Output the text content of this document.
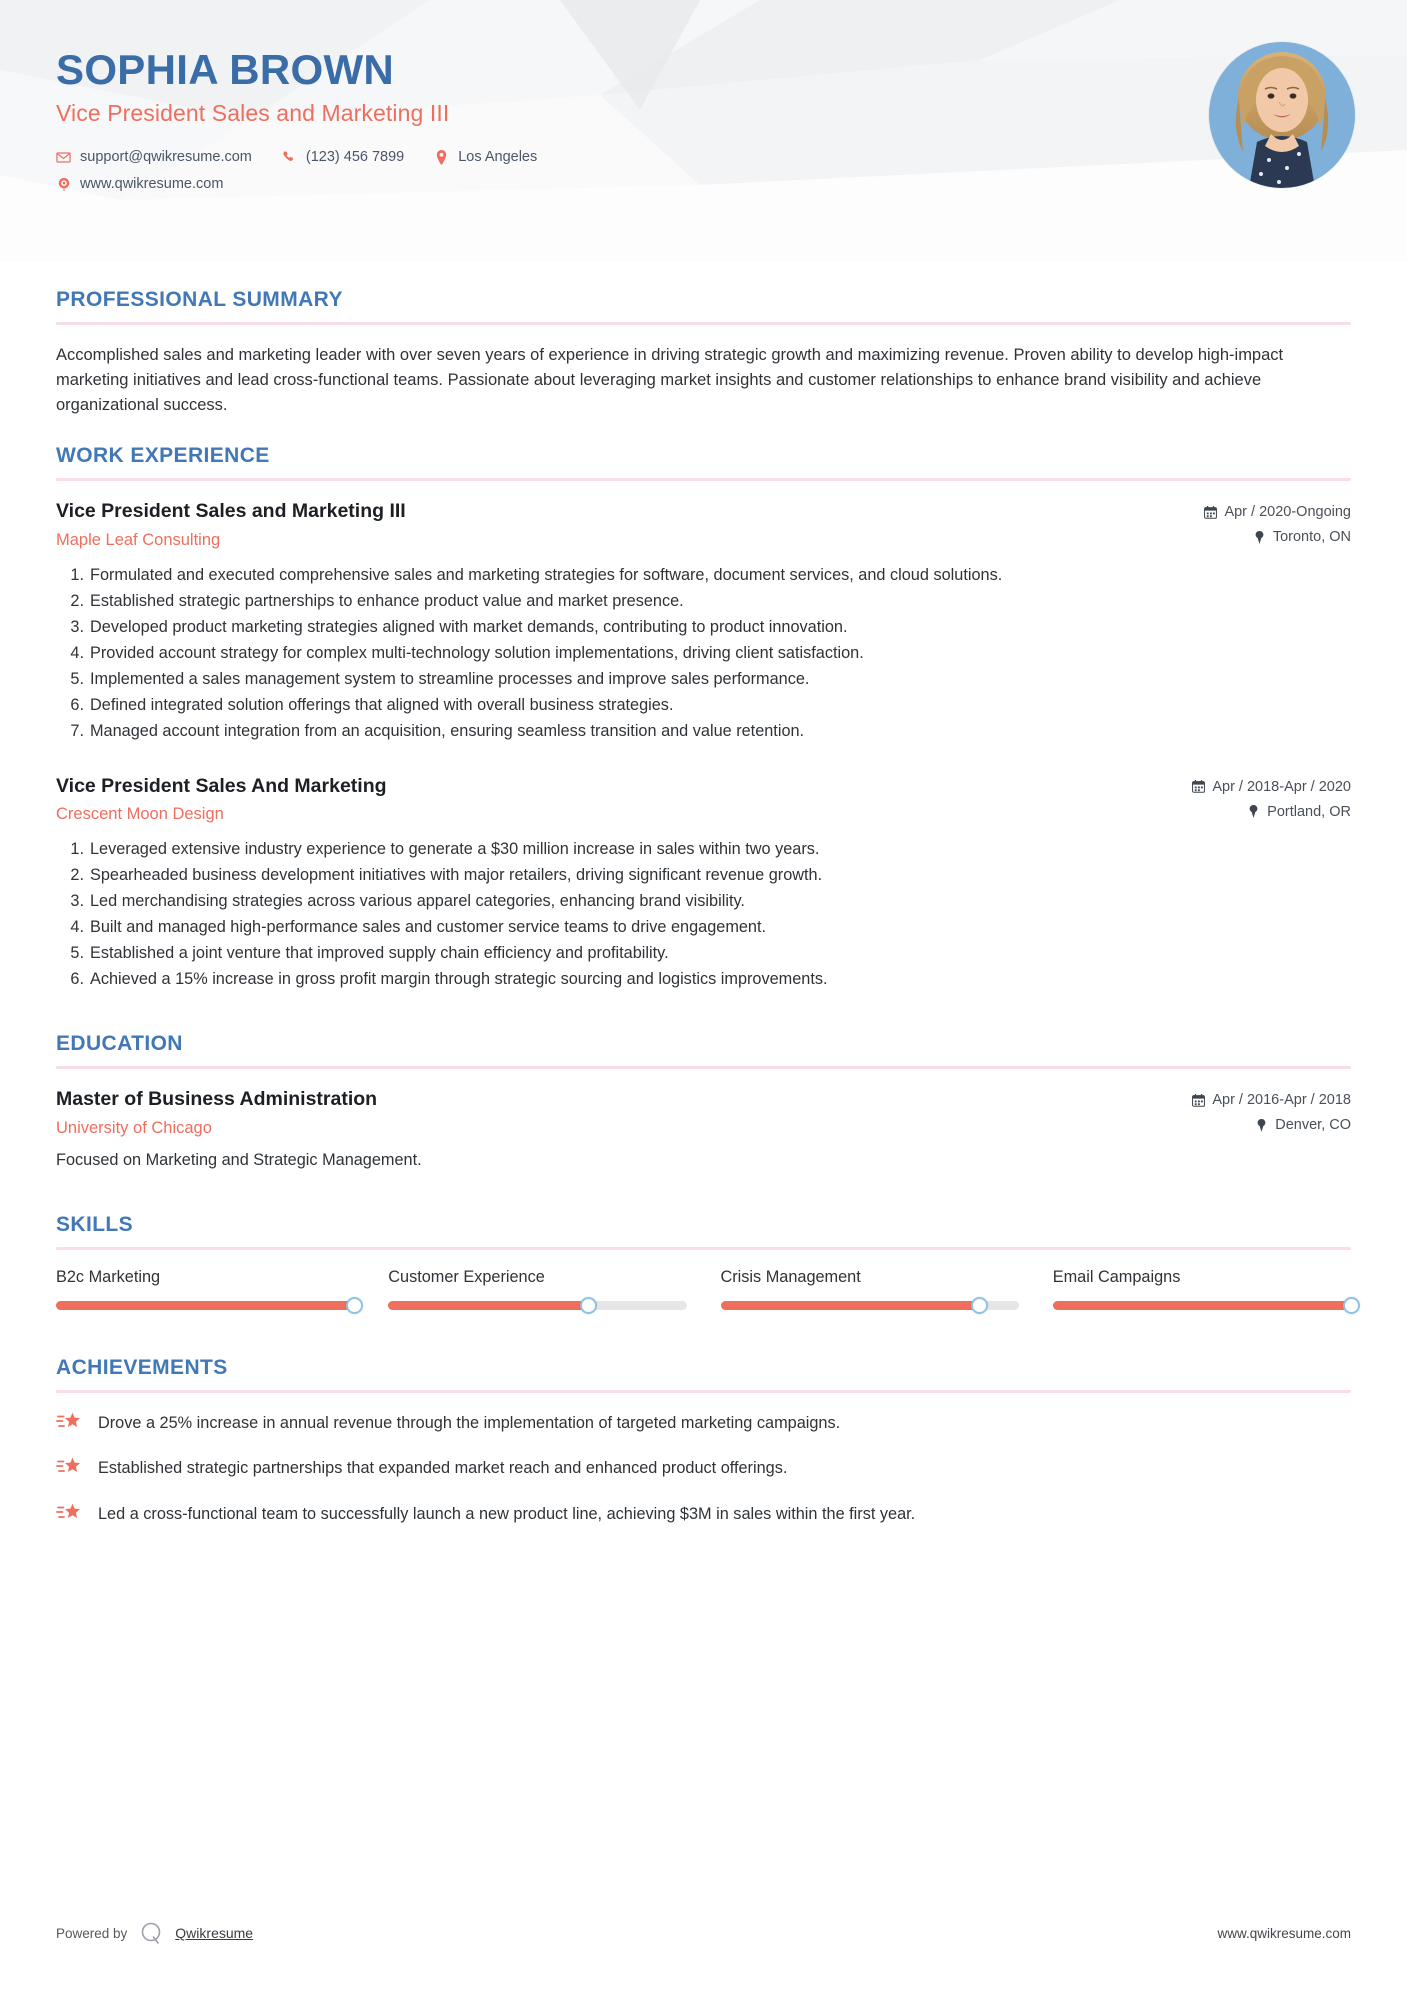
SOPHIA BROWN
Vice President Sales and Marketing III
support@qwikresume.com	(123) 456 7899	Los Angeles
www.qwikresume.com
PROFESSIONAL SUMMARY
Accomplished sales and marketing leader with over seven years of experience in driving strategic growth and maximizing revenue. Proven ability to develop high-impact marketing initiatives and lead cross-functional teams. Passionate about leveraging market insights and customer relationships to enhance brand visibility and achieve organizational success.
WORK EXPERIENCE
Vice President Sales and Marketing III
Maple Leaf Consulting
Apr / 2020-Ongoing
Toronto, ON
Formulated and executed comprehensive sales and marketing strategies for software, document services, and cloud solutions.
Established strategic partnerships to enhance product value and market presence.
Developed product marketing strategies aligned with market demands, contributing to product innovation.
Provided account strategy for complex multi-technology solution implementations, driving client satisfaction.
Implemented a sales management system to streamline processes and improve sales performance.
Defined integrated solution offerings that aligned with overall business strategies.
Managed account integration from an acquisition, ensuring seamless transition and value retention.
Vice President Sales And Marketing
Crescent Moon Design
Apr / 2018-Apr / 2020
Portland, OR
Leveraged extensive industry experience to generate a $30 million increase in sales within two years.
Spearheaded business development initiatives with major retailers, driving significant revenue growth.
Led merchandising strategies across various apparel categories, enhancing brand visibility.
Built and managed high-performance sales and customer service teams to drive engagement.
Established a joint venture that improved supply chain efficiency and profitability.
Achieved a 15% increase in gross profit margin through strategic sourcing and logistics improvements.
EDUCATION
Master of Business Administration
University of Chicago
Apr / 2016-Apr / 2018
Denver, CO
Focused on Marketing and Strategic Management.
SKILLS
B2c Marketing	Customer Experience	Crisis Management	Email Campaigns
ACHIEVEMENTS
Drove a 25% increase in annual revenue through the implementation of targeted marketing campaigns.
Established strategic partnerships that expanded market reach and enhanced product offerings.
Led a cross-functional team to successfully launch a new product line, achieving $3M in sales within the first year.
Powered by	Qwikresume	www.qwikresume.com
